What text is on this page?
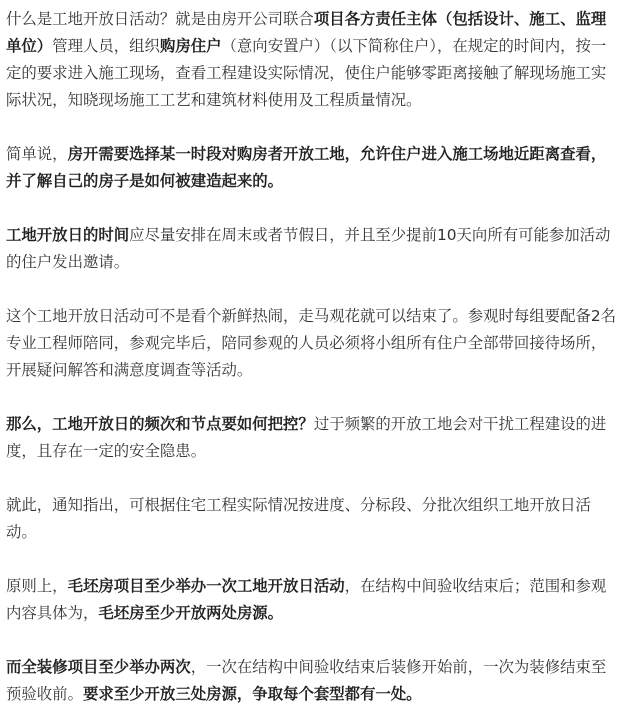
什么是工地开放日活动？就是由房开公司联合项目各方责任主体（包括设计、施工、监理单位）管理人员，组织购房住户（意向安置户）（以下简称住户），在规定的时间内，按一定的要求进入施工现场，查看工程建设实际情况，使住户能够零距离接触了解现场施工实际状况，知晓现场施工工艺和建筑材料使用及工程质量情况。

简单说，房开需要选择某一时段对购房者开放工地，允许住户进入施工场地近距离查看，并了解自己的房子是如何被建造起来的。

工地开放日的时间应尽量安排在周末或者节假日，并且至少提前10天向所有可能参加活动的住户发出邀请。

这个工地开放日活动可不是看个新鲜热闹，走马观花就可以结束了。参观时每组要配备2名专业工程师陪同，参观完毕后，陪同参观的人员必须将小组所有住户全部带回接待场所，开展疑问解答和满意度调查等活动。

那么，工地开放日的频次和节点要如何把控？过于频繁的开放工地会对干扰工程建设的进度，且存在一定的安全隐患。

就此，通知指出，可根据住宅工程实际情况按进度、分标段、分批次组织工地开放日活动。

原则上，毛坯房项目至少举办一次工地开放日活动，在结构中间验收结束后；范围和参观内容具体为，毛坯房至少开放两处房源。

而全装修项目至少举办两次，一次在结构中间验收结束后装修开始前，一次为装修结束至预验收前。要求至少开放三处房源，争取每个套型都有一处。
